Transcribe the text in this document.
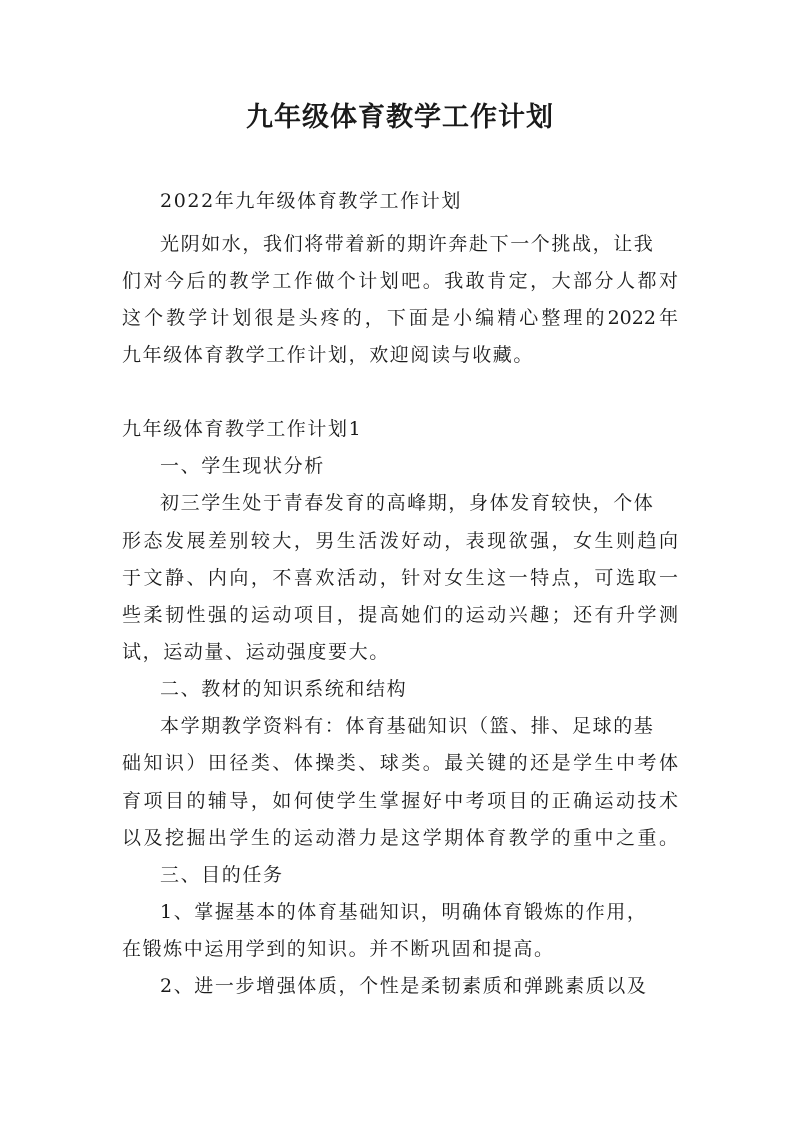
九年级体育教学工作计划
2022年九年级体育教学工作计划
光阴如水，我们将带着新的期许奔赴下一个挑战，让我
们对今后的教学工作做个计划吧。我敢肯定，大部分人都对
这个教学计划很是头疼的，下面是小编精心整理的2022年
九年级体育教学工作计划，欢迎阅读与收藏。
九年级体育教学工作计划1
一、学生现状分析
初三学生处于青春发育的高峰期，身体发育较快，个体
形态发展差别较大，男生活泼好动，表现欲强，女生则趋向
于文静、内向，不喜欢活动，针对女生这一特点，可选取一
些柔韧性强的运动项目，提高她们的运动兴趣；还有升学测
试，运动量、运动强度要大。
二、教材的知识系统和结构
本学期教学资料有：体育基础知识（篮、排、足球的基
础知识）田径类、体操类、球类。最关键的还是学生中考体
育项目的辅导，如何使学生掌握好中考项目的正确运动技术
以及挖掘出学生的运动潜力是这学期体育教学的重中之重。
三、目的任务
1、掌握基本的体育基础知识，明确体育锻炼的作用，
在锻炼中运用学到的知识。并不断巩固和提高。
2、进一步增强体质，个性是柔韧素质和弹跳素质以及
